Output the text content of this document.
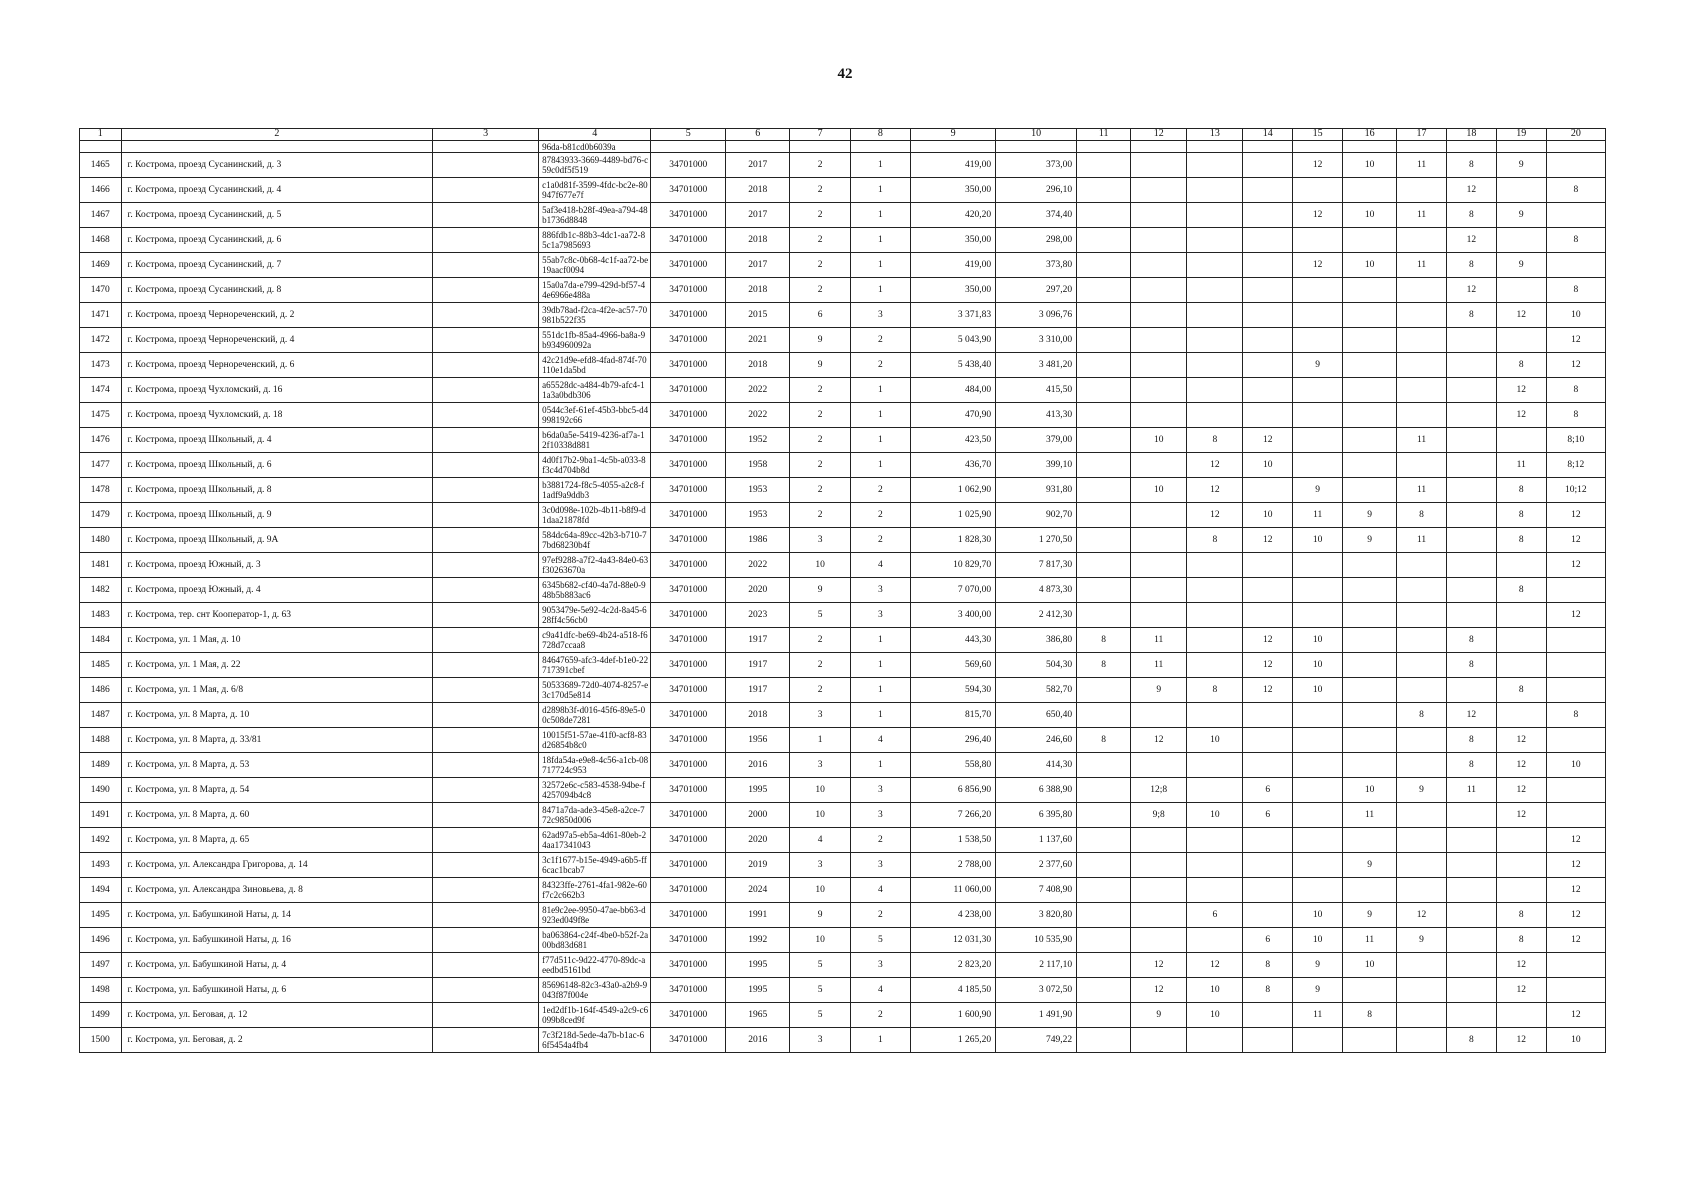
42
1	2	3	4	5	6	7	8	9	10	11	12	13	14	15	16	17	18	19	20
			96da-b81cd0b6039a																
1465	г. Кострома, проезд Сусанинский, д. 3		87843933-3669-4489-bd76-c59c0df5f519	34701000	2017	2	1	419,00	373,00					12	10	11	8	9	
1466	г. Кострома, проезд Сусанинский, д. 4		c1a0d81f-3599-4fdc-bc2e-80947f677e7f	34701000	2018	2	1	350,00	296,10								12		8
1467	г. Кострома, проезд Сусанинский, д. 5		5af3e418-b28f-49ea-a794-48b1736d8848	34701000	2017	2	1	420,20	374,40					12	10	11	8	9	
1468	г. Кострома, проезд Сусанинский, д. 6		886fdb1c-88b3-4dc1-aa72-85c1a7985693	34701000	2018	2	1	350,00	298,00								12		8
1469	г. Кострома, проезд Сусанинский, д. 7		55ab7c8c-0b68-4c1f-aa72-be19aacf0094	34701000	2017	2	1	419,00	373,80					12	10	11	8	9	
1470	г. Кострома, проезд Сусанинский, д. 8		15a0a7da-e799-429d-bf57-44e6966e488a	34701000	2018	2	1	350,00	297,20								12		8
1471	г. Кострома, проезд Чернореченский, д. 2		39db78ad-f2ca-4f2e-ac57-70981b522f35	34701000	2015	6	3	3 371,83	3 096,76								8	12	10
1472	г. Кострома, проезд Чернореченский, д. 4		551dc1fb-85a4-4966-ba8a-9b934960092a	34701000	2021	9	2	5 043,90	3 310,00										12
1473	г. Кострома, проезд Чернореченский, д. 6		42c21d9e-efd8-4fad-874f-70110e1da5bd	34701000	2018	9	2	5 438,40	3 481,20					9				8	12
1474	г. Кострома, проезд Чухломский, д. 16		a65528dc-a484-4b79-afc4-11a3a0bdb306	34701000	2022	2	1	484,00	415,50									12	8
1475	г. Кострома, проезд Чухломский, д. 18		0544c3ef-61ef-45b3-bbc5-d4998192c66	34701000	2022	2	1	470,90	413,30									12	8
1476	г. Кострома, проезд Школьный, д. 4		b6da0a5e-5419-4236-af7a-12f10338d881	34701000	1952	2	1	423,50	379,00		10	8	12			11			8;10
1477	г. Кострома, проезд Школьный, д. 6		4d0f17b2-9ba1-4c5b-a033-8f3c4d704b8d	34701000	1958	2	1	436,70	399,10			12	10					11	8;12
1478	г. Кострома, проезд Школьный, д. 8		b3881724-f8c5-4055-a2c8-f1adf9a9ddb3	34701000	1953	2	2	1 062,90	931,80		10	12		9		11		8	10;12
1479	г. Кострома, проезд Школьный, д. 9		3c0d098e-102b-4b11-b8f9-d1daa21878fd	34701000	1953	2	2	1 025,90	902,70			12	10	11	9	8		8	12
1480	г. Кострома, проезд Школьный, д. 9А		584dc64a-89cc-42b3-b710-77bd68230b4f	34701000	1986	3	2	1 828,30	1 270,50			8	12	10	9	11		8	12
1481	г. Кострома, проезд Южный, д. 3		97ef9288-a7f2-4a43-84e0-63f30263670a	34701000	2022	10	4	10 829,70	7 817,30										12
1482	г. Кострома, проезд Южный, д. 4		6345b682-cf40-4a7d-88e0-948b5b883ac6	34701000	2020	9	3	7 070,00	4 873,30									8	
1483	г. Кострома, тер. снт Кооператор-1, д. 63		9053479e-5e92-4c2d-8a45-628ff4c56cb0	34701000	2023	5	3	3 400,00	2 412,30										12
1484	г. Кострома, ул. 1 Мая, д. 10		c9a41dfc-be69-4b24-a518-f6728d7ccaa8	34701000	1917	2	1	443,30	386,80	8	11		12	10			8		
1485	г. Кострома, ул. 1 Мая, д. 22		84647659-afc3-4def-b1e0-22717391cbef	34701000	1917	2	1	569,60	504,30	8	11		12	10			8		
1486	г. Кострома, ул. 1 Мая, д. 6/8		50533689-72d0-4074-8257-e3c170d5e814	34701000	1917	2	1	594,30	582,70		9	8	12	10				8	
1487	г. Кострома, ул. 8 Марта, д. 10		d2898b3f-d016-45f6-89e5-00c508de7281	34701000	2018	3	1	815,70	650,40							8	12		8
1488	г. Кострома, ул. 8 Марта, д. 33/81		10015f51-57ae-41f0-acf8-83d26854b8c0	34701000	1956	1	4	296,40	246,60	8	12	10					8	12	
1489	г. Кострома, ул. 8 Марта, д. 53		18fda54a-e9e8-4c56-a1cb-08717724c953	34701000	2016	3	1	558,80	414,30								8	12	10
1490	г. Кострома, ул. 8 Марта, д. 54		32572e6c-c583-4538-94be-f4257094b4c8	34701000	1995	10	3	6 856,90	6 388,90		12;8		6		10	9	11	12	
1491	г. Кострома, ул. 8 Марта, д. 60		8471a7da-ade3-45e8-a2ce-772c9850d006	34701000	2000	10	3	7 266,20	6 395,80		9;8	10	6		11			12	
1492	г. Кострома, ул. 8 Марта, д. 65		62ad97a5-eb5a-4d61-80eb-24aa17341043	34701000	2020	4	2	1 538,50	1 137,60										12
1493	г. Кострома, ул. Александра Григорова, д. 14		3c1f1677-b15e-4949-a6b5-ff6cac1bcab7	34701000	2019	3	3	2 788,00	2 377,60						9				12
1494	г. Кострома, ул. Александра Зиновьева, д. 8		84323ffe-2761-4fa1-982e-60f7c2c662b3	34701000	2024	10	4	11 060,00	7 408,90										12
1495	г. Кострома, ул. Бабушкиной Наты, д. 14		81e9c2ee-9950-47ae-bb63-d923ed049f8e	34701000	1991	9	2	4 238,00	3 820,80			6		10	9	12		8	12
1496	г. Кострома, ул. Бабушкиной Наты, д. 16		ba063864-c24f-4be0-b52f-2a00bd83d681	34701000	1992	10	5	12 031,30	10 535,90				6	10	11	9		8	12
1497	г. Кострома, ул. Бабушкиной Наты, д. 4		f77d511c-9d22-4770-89dc-aeedbd5161bd	34701000	1995	5	3	2 823,20	2 117,10		12	12	8	9	10			12	
1498	г. Кострома, ул. Бабушкиной Наты, д. 6		85696148-82c3-43a0-a2b9-9043f87f004e	34701000	1995	5	4	4 185,50	3 072,50		12	10	8	9				12	
1499	г. Кострома, ул. Беговая, д. 12		1ed2df1b-164f-4549-a2c9-c6099b8ced9f	34701000	1965	5	2	1 600,90	1 491,90		9	10		11	8				12
1500	г. Кострома, ул. Беговая, д. 2		7c3f218d-5ede-4a7b-b1ac-66f5454a4fb4	34701000	2016	3	1	1 265,20	749,22								8	12	10
